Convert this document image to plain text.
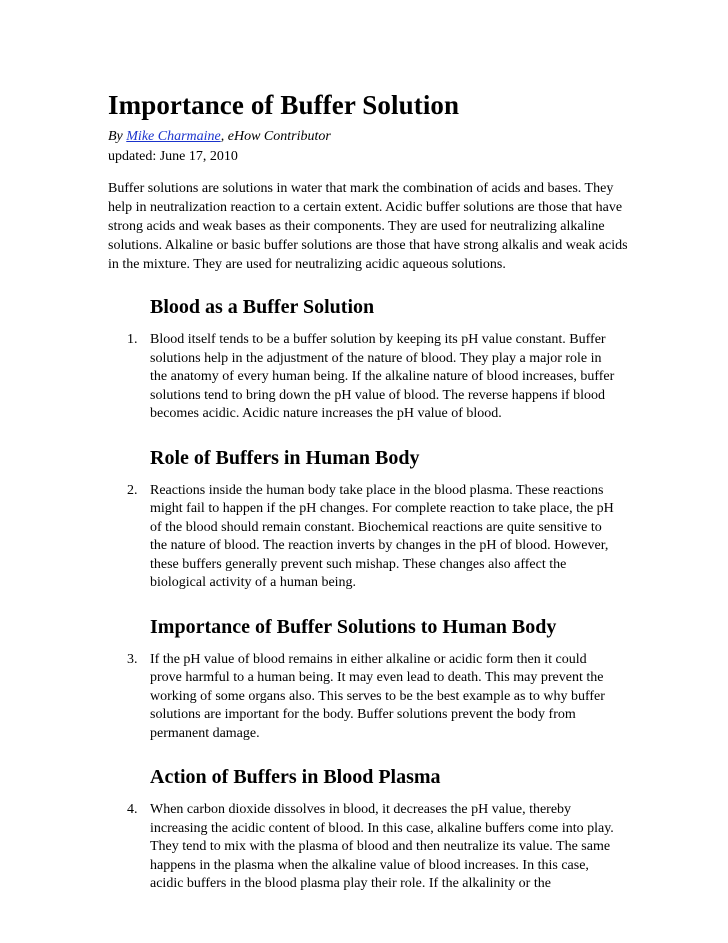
Importance of Buffer Solution
By Mike Charmaine, eHow Contributor
updated: June 17, 2010

Buffer solutions are solutions in water that mark the combination of acids and bases. They help in neutralization reaction to a certain extent. Acidic buffer solutions are those that have strong acids and weak bases as their components. They are used for neutralizing alkaline solutions. Alkaline or basic buffer solutions are those that have strong alkalis and weak acids in the mixture. They are used for neutralizing acidic aqueous solutions.

Blood as a Buffer Solution
1. Blood itself tends to be a buffer solution by keeping its pH value constant. Buffer solutions help in the adjustment of the nature of blood. They play a major role in the anatomy of every human being. If the alkaline nature of blood increases, buffer solutions tend to bring down the pH value of blood. The reverse happens if blood becomes acidic. Acidic nature increases the pH value of blood.
Role of Buffers in Human Body
2. Reactions inside the human body take place in the blood plasma. These reactions might fail to happen if the pH changes. For complete reaction to take place, the pH of the blood should remain constant. Biochemical reactions are quite sensitive to the nature of blood. The reaction inverts by changes in the pH of blood. However, these buffers generally prevent such mishap. These changes also affect the biological activity of a human being.
Importance of Buffer Solutions to Human Body
3. If the pH value of blood remains in either alkaline or acidic form then it could prove harmful to a human being. It may even lead to death. This may prevent the working of some organs also. This serves to be the best example as to why buffer solutions are important for the body. Buffer solutions prevent the body from permanent damage.
Action of Buffers in Blood Plasma
4. When carbon dioxide dissolves in blood, it decreases the pH value, thereby increasing the acidic content of blood. In this case, alkaline buffers come into play. They tend to mix with the plasma of blood and then neutralize its value. The same happens in the plasma when the alkaline value of blood increases. In this case, acidic buffers in the blood plasma play their role. If the alkalinity or the
